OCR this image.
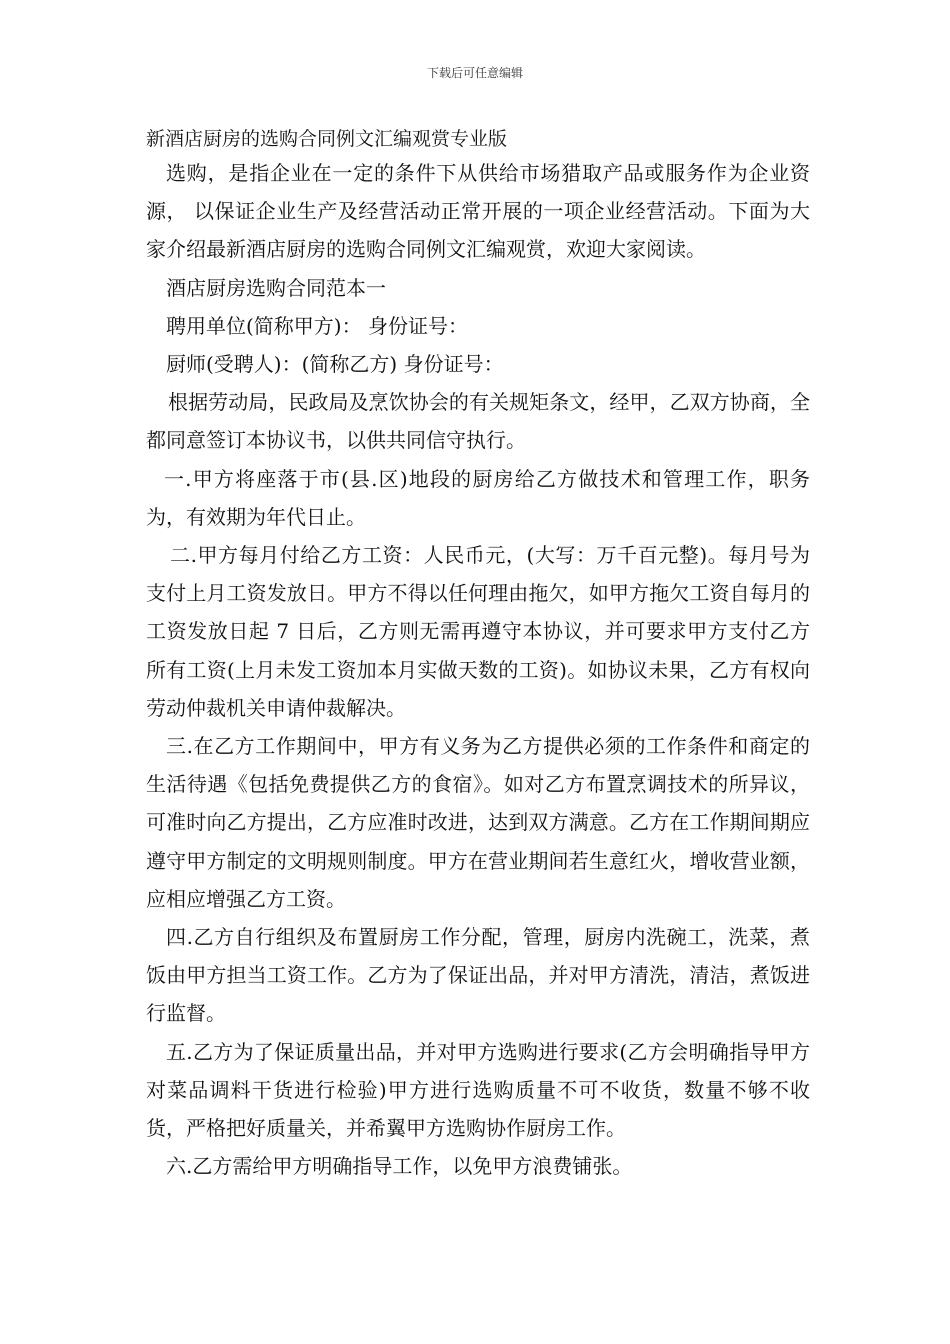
下载后可任意编辑
新酒店厨房的选购合同例文汇编观赏专业版

选购，是指企业在一定的条件下从供给市场猎取产品或服务作为企业资源， 以保证企业生产及经营活动正常开展的一项企业经营活动。下面为大家介绍最新酒店厨房的选购合同例文汇编观赏，欢迎大家阅读。

酒店厨房选购合同范本一

聘用单位(简称甲方)： 身份证号：

厨师(受聘人)：(简称乙方) 身份证号：

根据劳动局，民政局及烹饮协会的有关规矩条文，经甲，乙双方协商，全都同意签订本协议书，以供共同信守执行。

一.甲方将座落于市(县.区)地段的厨房给乙方做技术和管理工作，职务为，有效期为年代日止。

二.甲方每月付给乙方工资：人民币元，(大写：万千百元整)。每月号为支付上月工资发放日。甲方不得以任何理由拖欠，如甲方拖欠工资自每月的工资发放日起 7 日后，乙方则无需再遵守本协议，并可要求甲方支付乙方所有工资(上月未发工资加本月实做天数的工资)。如协议未果，乙方有权向劳动仲裁机关申请仲裁解决。

三.在乙方工作期间中，甲方有义务为乙方提供必须的工作条件和商定的生活待遇《包括免费提供乙方的食宿》。如对乙方布置烹调技术的所异议，可准时向乙方提出，乙方应准时改进，达到双方满意。乙方在工作期间期应遵守甲方制定的文明规则制度。甲方在营业期间若生意红火，增收营业额，应相应增强乙方工资。

四.乙方自行组织及布置厨房工作分配，管理，厨房内洗碗工，洗菜，煮饭由甲方担当工资工作。乙方为了保证出品，并对甲方清洗，清洁，煮饭进行监督。

五.乙方为了保证质量出品，并对甲方选购进行要求(乙方会明确指导甲方对菜品调料干货进行检验)甲方进行选购质量不可不收货，数量不够不收货，严格把好质量关，并希翼甲方选购协作厨房工作。

六.乙方需给甲方明确指导工作，以免甲方浪费铺张。
